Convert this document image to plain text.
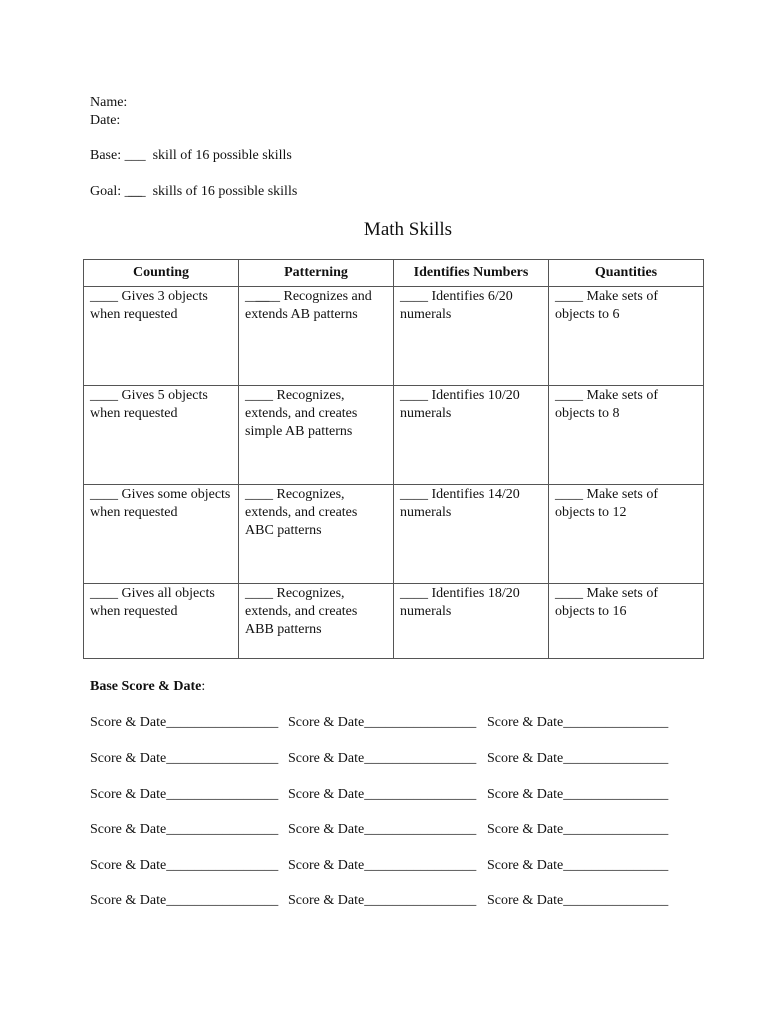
Name:
Date:
Base: ___  skill of 16 possible skills
Goal: _̲_̲_  skills of 16 possible skills
Math Skills
Counting	Patterning	Identifies Numbers	Quantities

____ Gives 3 objects when requested	__̲_̲__ Recognizes and extends AB patterns	____ Identifies 6/20 numerals	____ Make sets of objects to 6

____ Gives 5 objects when requested	____ Recognizes, extends, and creates simple AB patterns	____ Identifies 10/20 numerals	____ Make sets of objects to 8

____ Gives some objects when requested	____ Recognizes, extends, and creates ABC patterns	____ Identifies 14/20 numerals	____ Make sets of objects to 12

____ Gives all objects when requested	____ Recognizes, extends, and creates ABB patterns	____ Identifies 18/20 numerals	____ Make sets of objects to 16
Base Score & Date:

Score & Date________________

Score & Date________________

Score & Date_______________

Score & Date________________

Score & Date________________

Score & Date_______________

Score & Date________________

Score & Date________________

Score & Date_______________

Score & Date________________

Score & Date________________

Score & Date_______________

Score & Date________________

Score & Date________________

Score & Date_______________

Score & Date________________

Score & Date________________

Score & Date_______________
